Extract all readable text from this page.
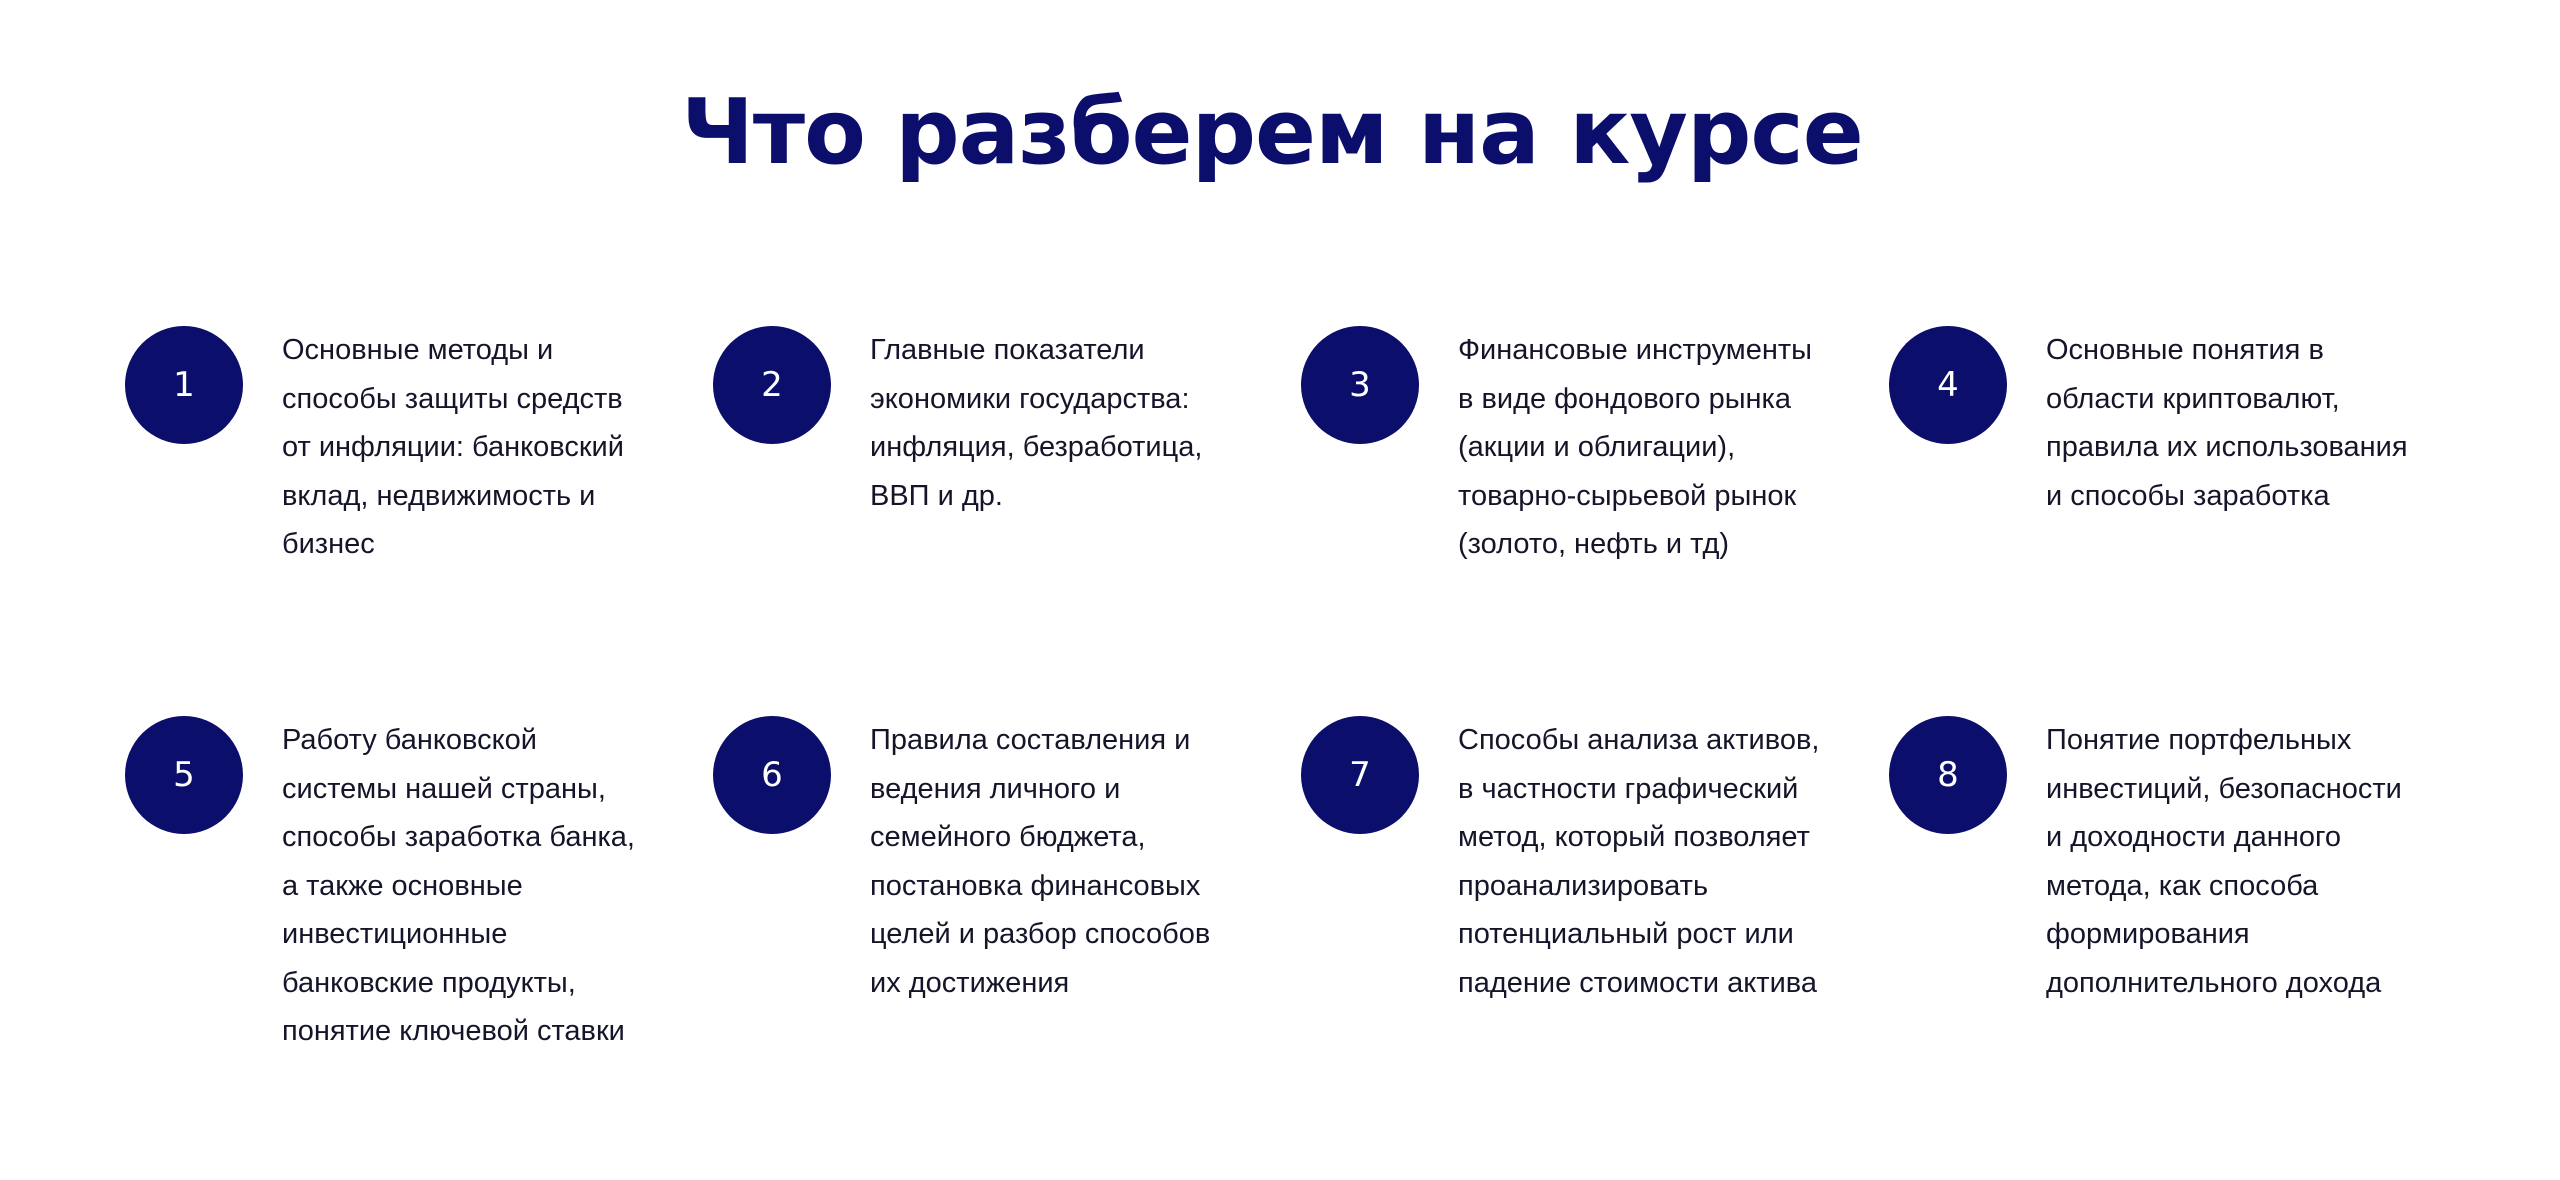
Что разберем на курсе
1
Основные методы и способы защиты средств от инфляции: банковский вклад, недвижимость и бизнес
2
Главные показатели экономики государства: инфляция, безработица, ВВП и др.
3
Финансовые инструменты в виде фондового рынка (акции и облигации), товарно-сырьевой рынок (золото, нефть и тд)
4
Основные понятия в области криптовалют, правила их использования и способы заработка
5
Работу банковской системы нашей страны, способы заработка банка, а также основные инвестиционные банковские продукты, понятие ключевой ставки
6
Правила составления и ведения личного и семейного бюджета, постановка финансовых целей и разбор способов их достижения
7
Способы анализа активов, в частности графический метод, который позволяет проанализировать потенциальный рост или падение стоимости актива
8
Понятие портфельных инвестиций, безопасности и доходности данного метода, как способа формирования дополнительного дохода
